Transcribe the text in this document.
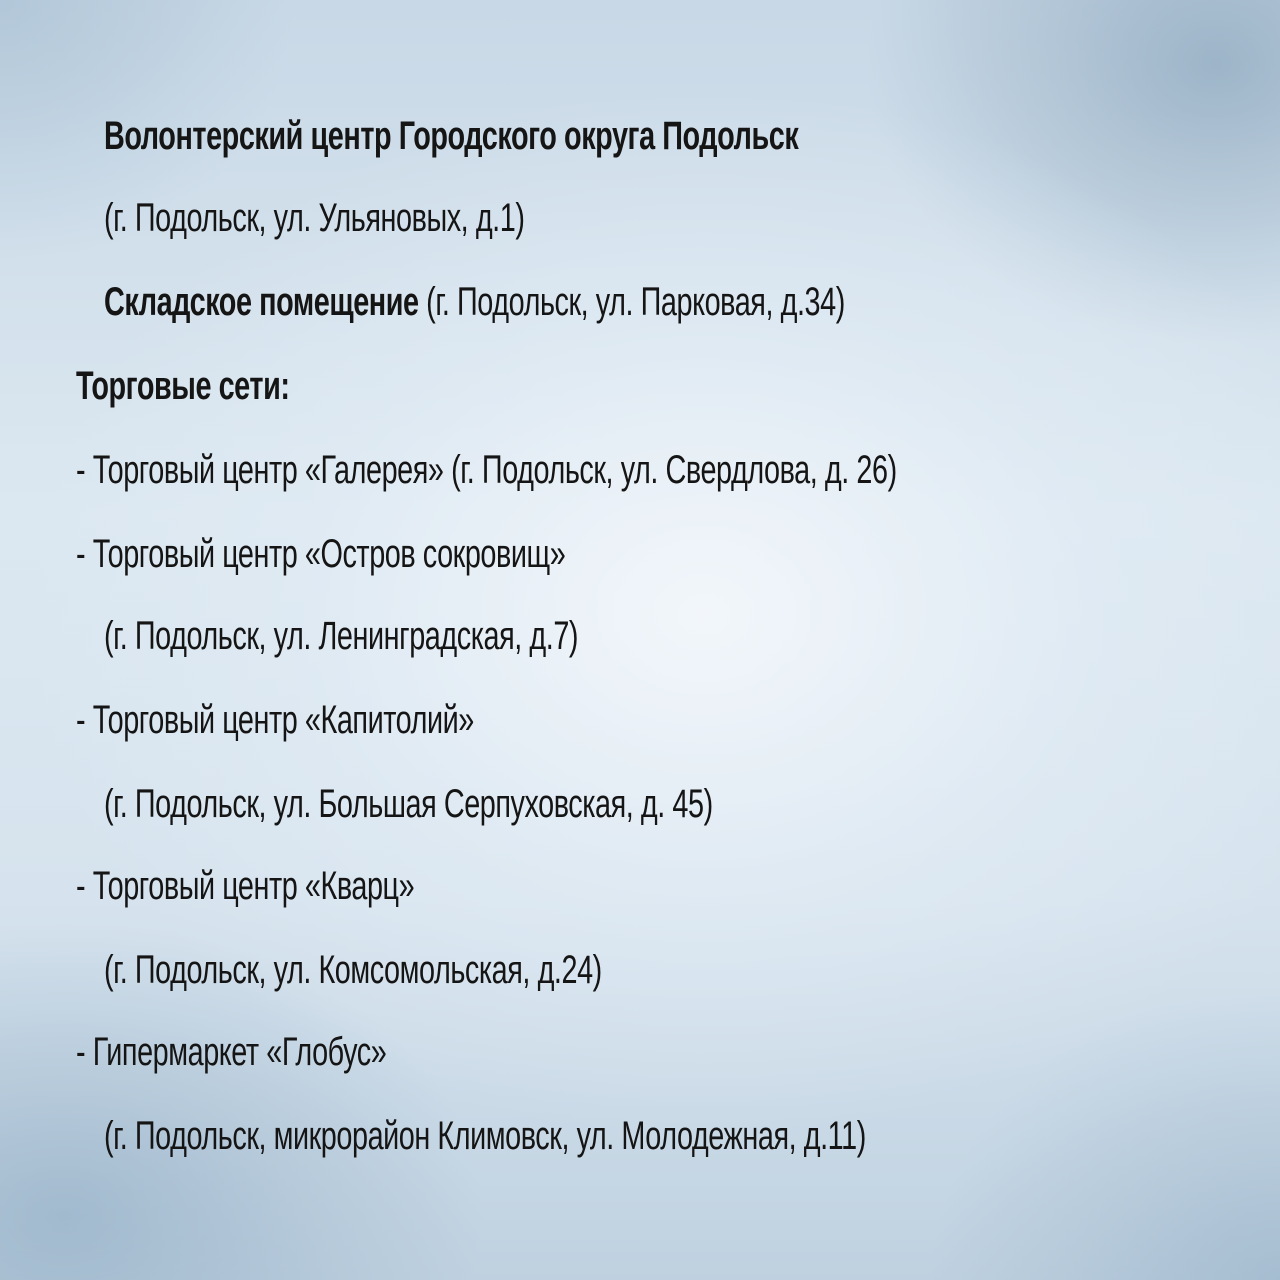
Волонтерский центр Городского округа Подольск
(г. Подольск, ул. Ульяновых, д.1)
Складское помещение (г. Подольск, ул. Парковая, д.34)
Торговые сети:
- Торговый центр «Галерея» (г. Подольск, ул. Свердлова, д. 26)
- Торговый центр «Остров сокровищ»
(г. Подольск, ул. Ленинградская, д.7)
- Торговый центр «Капитолий»
(г. Подольск, ул. Большая Серпуховская, д. 45)
- Торговый центр «Кварц»
(г. Подольск, ул. Комсомольская, д.24)
- Гипермаркет «Глобус»
(г. Подольск, микрорайон Климовск, ул. Молодежная, д.11)
